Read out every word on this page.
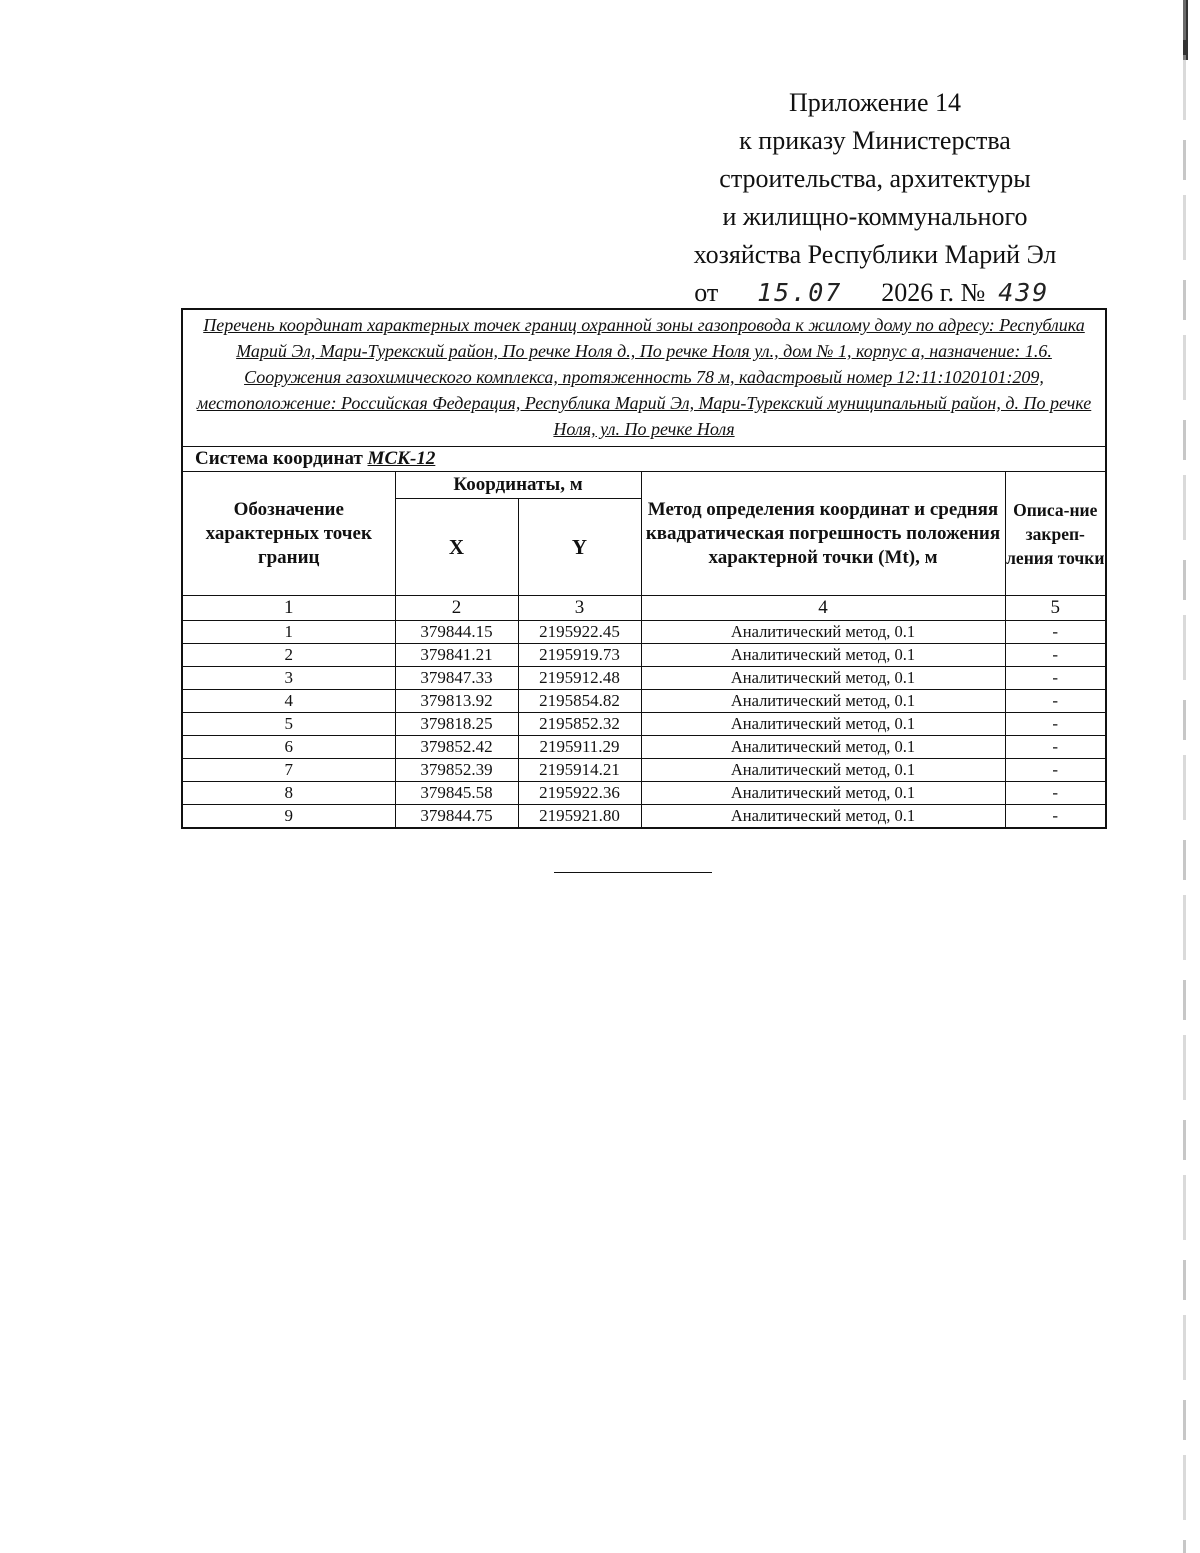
Приложение 14
к приказу Министерства
строительства, архитектуры
и жилищно-коммунального
хозяйства Республики Марий Эл
от 15.07 2026 г. № 439
Перечень координат характерных точек границ охранной зоны газопровода к жилому дому по адресу: Республика Марий Эл, Мари-Турекский район, По речке Ноля д., По речке Ноля ул., дом № 1, корпус а, назначение: 1.6. Сооружения газохимического комплекса, протяженность 78 м, кадастровый номер 12:11:1020101:209, местоположение: Российская Федерация, Республика Марий Эл, Мари-Турекский муниципальный район, д. По речке Ноля, ул. По речке Ноля				
Система координат МСК-12				
Обозначение характерных точек границ	Координаты, м		Метод определения координат и средняя квадратическая погрешность положения характерной точки (Mt), м	Описа-ние закреп-ления точки
	X	Y		
1	2	3	4	5
1	379844.15	2195922.45	Аналитический метод, 0.1	-
2	379841.21	2195919.73	Аналитический метод, 0.1	-
3	379847.33	2195912.48	Аналитический метод, 0.1	-
4	379813.92	2195854.82	Аналитический метод, 0.1	-
5	379818.25	2195852.32	Аналитический метод, 0.1	-
6	379852.42	2195911.29	Аналитический метод, 0.1	-
7	379852.39	2195914.21	Аналитический метод, 0.1	-
8	379845.58	2195922.36	Аналитический метод, 0.1	-
9	379844.75	2195921.80	Аналитический метод, 0.1	-
